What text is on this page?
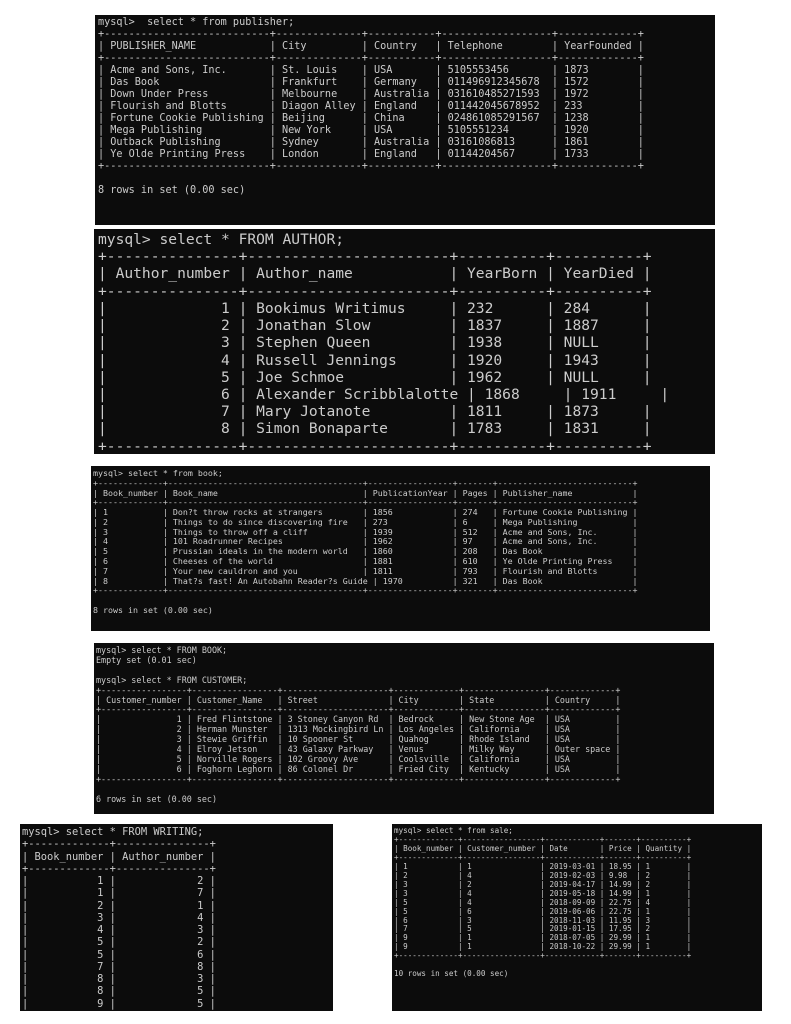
mysql>  select * from publisher;
+---------------------------+--------------+-----------+------------------+-------------+
| PUBLISHER_NAME            | City         | Country   | Telephone        | YearFounded |
+---------------------------+--------------+-----------+------------------+-------------+
| Acme and Sons, Inc.       | St. Louis    | USA       | 5105553456       | 1873        |
| Das Book                  | Frankfurt    | Germany   | 011496912345678  | 1572        |
| Down Under Press          | Melbourne    | Australia | 031610485271593  | 1972        |
| Flourish and Blotts       | Diagon Alley | England   | 011442045678952  | 233         |
| Fortune Cookie Publishing | Beijing      | China     | 024861085291567  | 1238        |
| Mega Publishing           | New York     | USA       | 5105551234       | 1920        |
| Outback Publishing        | Sydney       | Australia | 03161086813      | 1861        |
| Ye Olde Printing Press    | London       | England   | 01144204567      | 1733        |
+---------------------------+--------------+-----------+------------------+-------------+
8 rows in set (0.00 sec)
mysql> select * FROM AUTHOR;
+---------------+-----------------------+----------+----------+
| Author_number | Author_name           | YearBorn | YearDied |
+---------------+-----------------------+----------+----------+
|             1 | Bookimus Writimus     | 232      | 284      |
|             2 | Jonathan Slow         | 1837     | 1887     |
|             3 | Stephen Queen         | 1938     | NULL     |
|             4 | Russell Jennings      | 1920     | 1943     |
|             5 | Joe Schmoe            | 1962     | NULL     |
|             6 | Alexander Scribblalotte | 1868     | 1911     |
|             7 | Mary Jotanote         | 1811     | 1873     |
|             8 | Simon Bonaparte       | 1783     | 1831     |
+---------------+-----------------------+----------+----------+
mysql> select * from book;
+-------------+---------------------------------------+-----------------+-------+---------------------------+
| Book_number | Book_name                             | PublicationYear | Pages | Publisher_name            |
+-------------+---------------------------------------+-----------------+-------+---------------------------+
| 1           | Don?t throw rocks at strangers        | 1856            | 274   | Fortune Cookie Publishing |
| 2           | Things to do since discovering fire   | 273             | 6     | Mega Publishing           |
| 3           | Things to throw off a cliff           | 1939            | 512   | Acme and Sons, Inc.       |
| 4           | 101 Roadrunner Recipes                | 1962            | 97    | Acme and Sons, Inc.       |
| 5           | Prussian ideals in the modern world   | 1860            | 208   | Das Book                  |
| 6           | Cheeses of the world                  | 1881            | 610   | Ye Olde Printing Press    |
| 7           | Your new cauldron and you             | 1811            | 793   | Flourish and Blotts       |
| 8           | That?s fast! An Autobahn Reader?s Guide | 1970          | 321   | Das Book                  |
+-------------+---------------------------------------+-----------------+-------+---------------------------+
8 rows in set (0.00 sec)
mysql> select * FROM BOOK;
Empty set (0.01 sec)
mysql> select * FROM CUSTOMER;
+-----------------+-----------------+---------------------+-------------+----------------+-------------+
| Customer_number | Customer_Name   | Street              | City        | State          | Country     |
+-----------------+-----------------+---------------------+-------------+----------------+-------------+
|               1 | Fred Flintstone | 3 Stoney Canyon Rd  | Bedrock     | New Stone Age  | USA         |
|               2 | Herman Munster  | 1313 Mockingbird Ln | Los Angeles | California     | USA         |
|               3 | Stewie Griffin  | 10 Spooner St       | Quahog      | Rhode Island   | USA         |
|               4 | Elroy Jetson    | 43 Galaxy Parkway   | Venus       | Milky Way      | Outer space |
|               5 | Norville Rogers | 102 Groovy Ave      | Coolsville  | California     | USA         |
|               6 | Foghorn Leghorn | 86 Colonel Dr       | Fried City  | Kentucky       | USA         |
+-----------------+-----------------+---------------------+-------------+----------------+-------------+
6 rows in set (0.00 sec)
mysql> select * FROM WRITING;
+-------------+---------------+
| Book_number | Author_number |
+-------------+---------------+
|           1 |             2 |
|           1 |             7 |
|           2 |             1 |
|           3 |             4 |
|           4 |             3 |
|           5 |             2 |
|           5 |             6 |
|           7 |             8 |
|           8 |             3 |
|           8 |             5 |
|           9 |             5 |
mysql> select * from sale;
+-------------+-----------------+------------+-------+----------+
| Book_number | Customer_number | Date       | Price | Quantity |
+-------------+-----------------+------------+-------+----------+
| 1           | 1               | 2019-03-01 | 18.95 | 1        |
| 2           | 4               | 2019-02-03 | 9.98  | 2        |
| 3           | 2               | 2019-04-17 | 14.99 | 2        |
| 3           | 4               | 2019-05-18 | 14.99 | 1        |
| 5           | 4               | 2018-09-09 | 22.75 | 4        |
| 5           | 6               | 2019-06-06 | 22.75 | 1        |
| 6           | 3               | 2018-11-03 | 11.95 | 3        |
| 7           | 5               | 2019-01-15 | 17.95 | 2        |
| 9           | 1               | 2018-07-05 | 29.99 | 1        |
| 9           | 1               | 2018-10-22 | 29.99 | 1        |
+-------------+-----------------+------------+-------+----------+
10 rows in set (0.00 sec)
